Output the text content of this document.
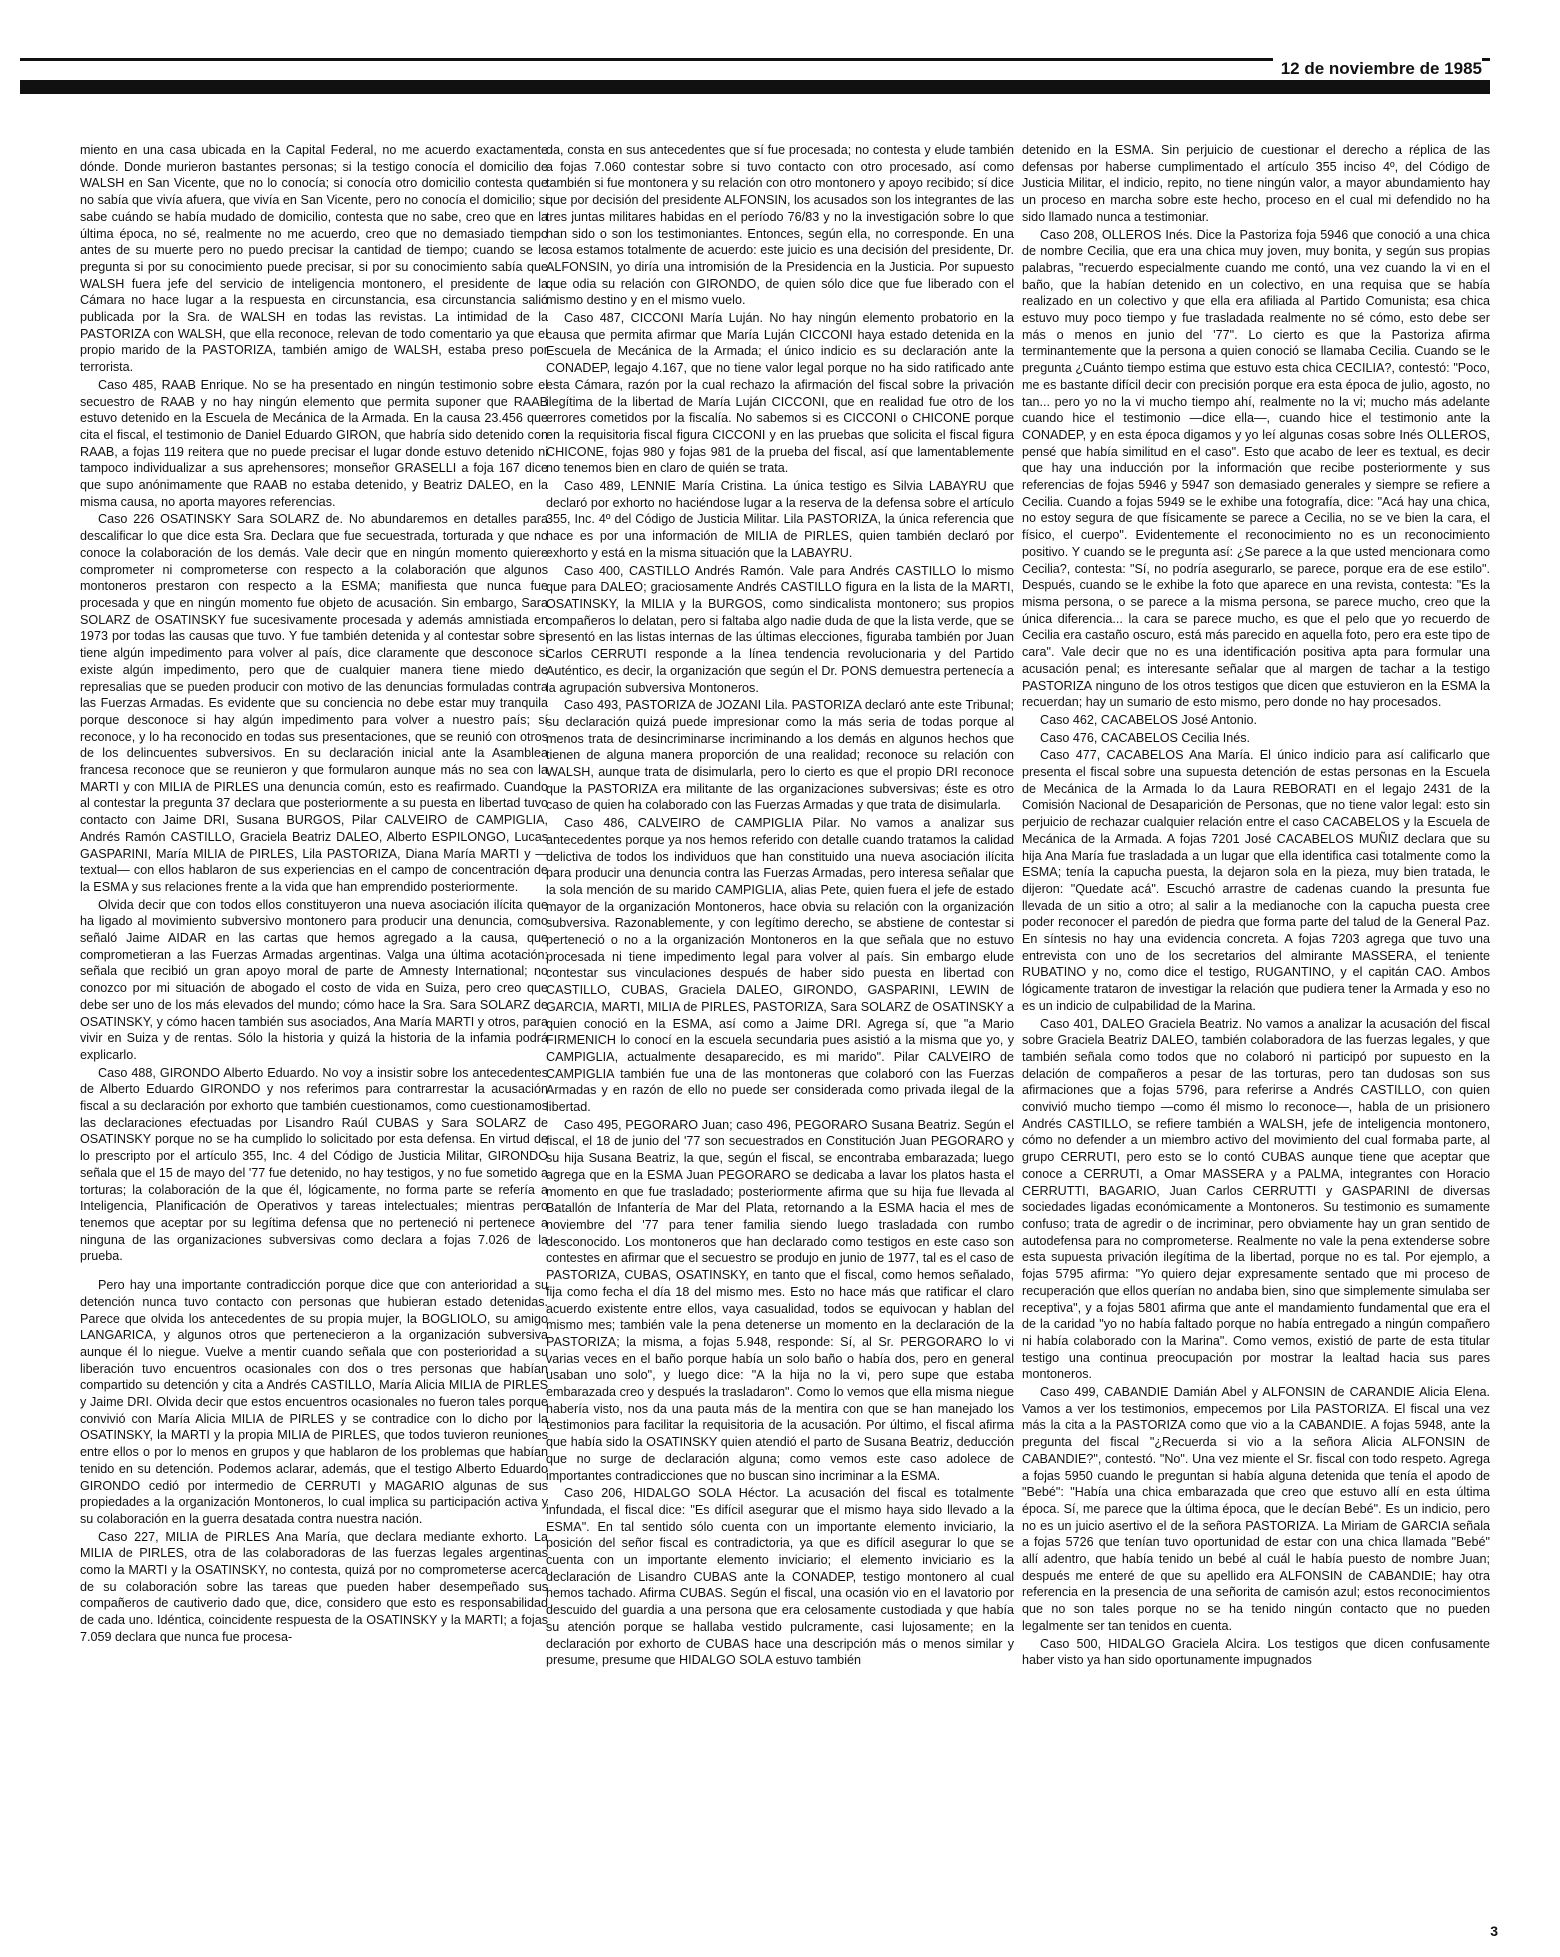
12 de noviembre de 1985

miento en una casa ubicada en la Capital Federal, no me acuerdo exactamente dónde. Donde murieron bastantes personas; si la testigo conocía el domicilio de WALSH en San Vicente, que no lo conocía; si conocía otro domicilio contesta que no sabía que vivía afuera, que vivía en San Vicente, pero no conocía el domicilio; si sabe cuándo se había mudado de domicilio, contesta que no sabe, creo que en la última época, no sé, realmente no me acuerdo, creo que no demasiado tiempo antes de su muerte pero no puedo precisar la cantidad de tiempo; cuando se le pregunta si por su conocimiento puede precisar, si por su conocimiento sabía que WALSH fuera jefe del servicio de inteligencia montonero, el presidente de la Cámara no hace lugar a la respuesta en circunstancia, esa circunstancia salió publicada por la Sra. de WALSH en todas las revistas. La intimidad de la PASTORIZA con WALSH, que ella reconoce, relevan de todo comentario ya que el propio marido de la PASTORIZA, también amigo de WALSH, estaba preso por terrorista.

Caso 485, RAAB Enrique. No se ha presentado en ningún testimonio sobre el secuestro de RAAB y no hay ningún elemento que permita suponer que RAAB estuvo detenido en la Escuela de Mecánica de la Armada. En la causa 23.456 que cita el fiscal, el testimonio de Daniel Eduardo GIRON, que habría sido detenido con RAAB, a fojas 119 reitera que no puede precisar el lugar donde estuvo detenido ni tampoco individualizar a sus aprehensores; monseñor GRASELLI a foja 167 dice que supo anónimamente que RAAB no estaba detenido, y Beatriz DALEO, en la misma causa, no aporta mayores referencias.

Caso 226 OSATINSKY Sara SOLARZ de. No abundaremos en detalles para descalificar lo que dice esta Sra. Declara que fue secuestrada, torturada y que no conoce la colaboración de los demás. Vale decir que en ningún momento quiere comprometer ni comprometerse con respecto a la colaboración que algunos montoneros prestaron con respecto a la ESMA; manifiesta que nunca fue procesada y que en ningún momento fue objeto de acusación. Sin embargo, Sara SOLARZ de OSATINSKY fue sucesivamente procesada y además amnistiada en 1973 por todas las causas que tuvo. Y fue también detenida y al contestar sobre si tiene algún impedimento para volver al país, dice claramente que desconoce si existe algún impedimento, pero que de cualquier manera tiene miedo de represalias que se pueden producir con motivo de las denuncias formuladas contra las Fuerzas Armadas. Es evidente que su conciencia no debe estar muy tranquila porque desconoce si hay algún impedimento para volver a nuestro país; sí reconoce, y lo ha reconocido en todas sus presentaciones, que se reunió con otros de los delincuentes subversivos. En su declaración inicial ante la Asamblea francesa reconoce que se reunieron y que formularon aunque más no sea con la MARTI y con MILIA de PIRLES una denuncia común, esto es reafirmado. Cuando al contestar la pregunta 37 declara que posteriormente a su puesta en libertad tuvo contacto con Jaime DRI, Susana BURGOS, Pilar CALVEIRO de CAMPIGLIA, Andrés Ramón CASTILLO, Graciela Beatriz DALEO, Alberto ESPILONGO, Lucas GASPARINI, María MILIA de PIRLES, Lila PASTORIZA, Diana María MARTI y —textual— con ellos hablaron de sus experiencias en el campo de concentración de la ESMA y sus relaciones frente a la vida que han emprendido posteriormente.

Olvida decir que con todos ellos constituyeron una nueva asociación ilícita que ha ligado al movimiento subversivo montonero para producir una denuncia, como señaló Jaime AIDAR en las cartas que hemos agregado a la causa, que comprometieran a las Fuerzas Armadas argentinas. Valga una última acotación: señala que recibió un gran apoyo moral de parte de Amnesty International; no conozco por mi situación de abogado el costo de vida en Suiza, pero creo que debe ser uno de los más elevados del mundo; cómo hace la Sra. Sara SOLARZ de OSATINSKY, y cómo hacen también sus asociados, Ana María MARTI y otros, para vivir en Suiza y de rentas. Sólo la historia y quizá la historia de la infamia podrá explicarlo.

Caso 488, GIRONDO Alberto Eduardo. No voy a insistir sobre los antecedentes de Alberto Eduardo GIRONDO y nos referimos para contrarrestar la acusación fiscal a su declaración por exhorto que también cuestionamos, como cuestionamos las declaraciones efectuadas por Lisandro Raúl CUBAS y Sara SOLARZ de OSATINSKY porque no se ha cumplido lo solicitado por esta defensa. En virtud de lo prescripto por el artículo 355, Inc. 4 del Código de Justicia Militar, GIRONDO señala que el 15 de mayo del '77 fue detenido, no hay testigos, y no fue sometido a torturas; la colaboración de la que él, lógicamente, no forma parte se refería a Inteligencia, Planificación de Operativos y tareas intelectuales; mientras pero tenemos que aceptar por su legítima defensa que no perteneció ni pertenece a ninguna de las organizaciones subversivas como declara a fojas 7.026 de la prueba.

Pero hay una importante contradicción porque dice que con anterioridad a su detención nunca tuvo contacto con personas que hubieran estado detenidas. Parece que olvida los antecedentes de su propia mujer, la BOGLIOLO, su amigo LANGARICA, y algunos otros que pertenecieron a la organización subversiva aunque él lo niegue. Vuelve a mentir cuando señala que con posterioridad a su liberación tuvo encuentros ocasionales con dos o tres personas que habían compartido su detención y cita a Andrés CASTILLO, María Alicia MILIA de PIRLES y Jaime DRI. Olvida decir que estos encuentros ocasionales no fueron tales porque convivió con María Alicia MILIA de PIRLES y se contradice con lo dicho por la OSATINSKY, la MARTI y la propia MILIA de PIRLES, que todos tuvieron reuniones entre ellos o por lo menos en grupos y que hablaron de los problemas que habían tenido en su detención. Podemos aclarar, además, que el testigo Alberto Eduardo GIRONDO cedió por intermedio de CERRUTI y MAGARIO algunas de sus propiedades a la organización Montoneros, lo cual implica su participación activa y su colaboración en la guerra desatada contra nuestra nación.

Caso 227, MILIA de PIRLES Ana María, que declara mediante exhorto. La MILIA de PIRLES, otra de las colaboradoras de las fuerzas legales argentinas como la MARTI y la OSATINSKY, no contesta, quizá por no comprometerse acerca de su colaboración sobre las tareas que pueden haber desempeñado sus compañeros de cautiverio dado que, dice, considero que esto es responsabilidad de cada uno. Idéntica, coincidente respuesta de la OSATINSKY y la MARTI; a fojas 7.059 declara que nunca fue procesa-

da, consta en sus antecedentes que sí fue procesada; no contesta y elude también a fojas 7.060 contestar sobre si tuvo contacto con otro procesado, así como también si fue montonera y su relación con otro montonero y apoyo recibido; sí dice que por decisión del presidente ALFONSIN, los acusados son los integrantes de las tres juntas militares habidas en el período 76/83 y no la investigación sobre lo que han sido o son los testimoniantes. Entonces, según ella, no corresponde. En una cosa estamos totalmente de acuerdo: este juicio es una decisión del presidente, Dr. ALFONSIN, yo diría una intromisión de la Presidencia en la Justicia. Por supuesto que odia su relación con GIRONDO, de quien sólo dice que fue liberado con el mismo destino y en el mismo vuelo.

Caso 487, CICCONI María Luján. No hay ningún elemento probatorio en la causa que permita afirmar que María Luján CICCONI haya estado detenida en la Escuela de Mecánica de la Armada; el único indicio es su declaración ante la CONADEP, legajo 4.167, que no tiene valor legal porque no ha sido ratificado ante esta Cámara, razón por la cual rechazo la afirmación del fiscal sobre la privación ilegítima de la libertad de María Luján CICCONI, que en realidad fue otro de los errores cometidos por la fiscalía. No sabemos si es CICCONI o CHICONE porque en la requisitoria fiscal figura CICCONI y en las pruebas que solicita el fiscal figura CHICONE, fojas 980 y fojas 981 de la prueba del fiscal, así que lamentablemente no tenemos bien en claro de quién se trata.

Caso 489, LENNIE María Cristina. La única testigo es Silvia LABAYRU que declaró por exhorto no haciéndose lugar a la reserva de la defensa sobre el artículo 355, Inc. 4º del Código de Justicia Militar. Lila PASTORIZA, la única referencia que hace es por una información de MILIA de PIRLES, quien también declaró por exhorto y está en la misma situación que la LABAYRU.

Caso 400, CASTILLO Andrés Ramón. Vale para Andrés CASTILLO lo mismo que para DALEO; graciosamente Andrés CASTILLO figura en la lista de la MARTI, OSATINSKY, la MILIA y la BURGOS, como sindicalista montonero; sus propios compañeros lo delatan, pero si faltaba algo nadie duda de que la lista verde, que se presentó en las listas internas de las últimas elecciones, figuraba también por Juan Carlos CERRUTI responde a la línea tendencia revolucionaria y del Partido Auténtico, es decir, la organización que según el Dr. PONS demuestra pertenecía a la agrupación subversiva Montoneros.

Caso 493, PASTORIZA de JOZANI Lila. PASTORIZA declaró ante este Tribunal; su declaración quizá puede impresionar como la más seria de todas porque al menos trata de desincriminarse incriminando a los demás en algunos hechos que tienen de alguna manera proporción de una realidad; reconoce su relación con WALSH, aunque trata de disimularla, pero lo cierto es que el propio DRI reconoce que la PASTORIZA era militante de las organizaciones subversivas; éste es otro caso de quien ha colaborado con las Fuerzas Armadas y que trata de disimularla.

Caso 486, CALVEIRO de CAMPIGLIA Pilar. No vamos a analizar sus antecedentes porque ya nos hemos referido con detalle cuando tratamos la calidad delictiva de todos los individuos que han constituido una nueva asociación ilícita para producir una denuncia contra las Fuerzas Armadas, pero interesa señalar que la sola mención de su marido CAMPIGLIA, alias Pete, quien fuera el jefe de estado mayor de la organización Montoneros, hace obvia su relación con la organización subversiva. Razonablemente, y con legítimo derecho, se abstiene de contestar si perteneció o no a la organización Montoneros en la que señala que no estuvo procesada ni tiene impedimento legal para volver al país. Sin embargo elude contestar sus vinculaciones después de haber sido puesta en libertad con CASTILLO, CUBAS, Graciela DALEO, GIRONDO, GASPARINI, LEWIN de GARCIA, MARTI, MILIA de PIRLES, PASTORIZA, Sara SOLARZ de OSATINSKY a quien conoció en la ESMA, así como a Jaime DRI. Agrega sí, que "a Mario FIRMENICH lo conocí en la escuela secundaria pues asistió a la misma que yo, y CAMPIGLIA, actualmente desaparecido, es mi marido". Pilar CALVEIRO de CAMPIGLIA también fue una de las montoneras que colaboró con las Fuerzas Armadas y en razón de ello no puede ser considerada como privada ilegal de la libertad.

Caso 495, PEGORARO Juan; caso 496, PEGORARO Susana Beatriz. Según el fiscal, el 18 de junio del '77 son secuestrados en Constitución Juan PEGORARO y su hija Susana Beatriz, la que, según el fiscal, se encontraba embarazada; luego agrega que en la ESMA Juan PEGORARO se dedicaba a lavar los platos hasta el momento en que fue trasladado; posteriormente afirma que su hija fue llevada al Batallón de Infantería de Mar del Plata, retornando a la ESMA hacia el mes de noviembre del '77 para tener familia siendo luego trasladada con rumbo desconocido. Los montoneros que han declarado como testigos en este caso son contestes en afirmar que el secuestro se produjo en junio de 1977, tal es el caso de PASTORIZA, CUBAS, OSATINSKY, en tanto que el fiscal, como hemos señalado, fija como fecha el día 18 del mismo mes. Esto no hace más que ratificar el claro acuerdo existente entre ellos, vaya casualidad, todos se equivocan y hablan del mismo mes; también vale la pena detenerse un momento en la declaración de la PASTORIZA; la misma, a fojas 5.948, responde: Sí, al Sr. PERGORARO lo vi varias veces en el baño porque había un solo baño o había dos, pero en general usaban uno solo", y luego dice: "A la hija no la vi, pero supe que estaba embarazada creo y después la trasladaron". Como lo vemos que ella misma niegue habería visto, nos da una pauta más de la mentira con que se han manejado los testimonios para facilitar la requisitoria de la acusación. Por último, el fiscal afirma que había sido la OSATINSKY quien atendió el parto de Susana Beatriz, deducción que no surge de declaración alguna; como vemos este caso adolece de importantes contradicciones que no buscan sino incriminar a la ESMA.

Caso 206, HIDALGO SOLA Héctor. La acusación del fiscal es totalmente infundada, el fiscal dice: "Es difícil asegurar que el mismo haya sido llevado a la ESMA". En tal sentido sólo cuenta con un importante elemento inviciario, la posición del señor fiscal es contradictoria, ya que es difícil asegurar lo que se cuenta con un importante elemento inviciario; el elemento inviciario es la declaración de Lisandro CUBAS ante la CONADEP, testigo montonero al cual hemos tachado. Afirma CUBAS. Según el fiscal, una ocasión vio en el lavatorio por descuido del guardia a una persona que era celosamente custodiada y que había su atención porque se hallaba vestido pulcramente, casi lujosamente; en la declaración por exhorto de CUBAS hace una descripción más o menos similar y presume, presume que HIDALGO SOLA estuvo también

detenido en la ESMA. Sin perjuicio de cuestionar el derecho a réplica de las defensas por haberse cumplimentado el artículo 355 inciso 4º, del Código de Justicia Militar, el indicio, repito, no tiene ningún valor, a mayor abundamiento hay un proceso en marcha sobre este hecho, proceso en el cual mi defendido no ha sido llamado nunca a testimoniar.

Caso 208, OLLEROS Inés. Dice la Pastoriza foja 5946 que conoció a una chica de nombre Cecilia, que era una chica muy joven, muy bonita, y según sus propias palabras, "recuerdo especialmente cuando me contó, una vez cuando la vi en el baño, que la habían detenido en un colectivo, en una requisa que se había realizado en un colectivo y que ella era afiliada al Partido Comunista; esa chica estuvo muy poco tiempo y fue trasladada realmente no sé cómo, esto debe ser más o menos en junio del '77". Lo cierto es que la Pastoriza afirma terminantemente que la persona a quien conoció se llamaba Cecilia. Cuando se le pregunta ¿Cuánto tiempo estima que estuvo esta chica CECILIA?, contestó: "Poco, me es bastante difícil decir con precisión porque era esta época de julio, agosto, no tan... pero yo no la vi mucho tiempo ahí, realmente no la vi; mucho más adelante cuando hice el testimonio —dice ella—, cuando hice el testimonio ante la CONADEP, y en esta época digamos y yo leí algunas cosas sobre Inés OLLEROS, pensé que había similitud en el caso". Esto que acabo de leer es textual, es decir que hay una inducción por la información que recibe posteriormente y sus referencias de fojas 5946 y 5947 son demasiado generales y siempre se refiere a Cecilia. Cuando a fojas 5949 se le exhibe una fotografía, dice: "Acá hay una chica, no estoy segura de que físicamente se parece a Cecilia, no se ve bien la cara, el físico, el cuerpo". Evidentemente el reconocimiento no es un reconocimiento positivo. Y cuando se le pregunta así: ¿Se parece a la que usted mencionara como Cecilia?, contesta: "Sí, no podría asegurarlo, se parece, porque era de ese estilo". Después, cuando se le exhibe la foto que aparece en una revista, contesta: "Es la misma persona, o se parece a la misma persona, se parece mucho, creo que la única diferencia... la cara se parece mucho, es que el pelo que yo recuerdo de Cecilia era castaño oscuro, está más parecido en aquella foto, pero era este tipo de cara". Vale decir que no es una identificación positiva apta para formular una acusación penal; es interesante señalar que al margen de tachar a la testigo PASTORIZA ninguno de los otros testigos que dicen que estuvieron en la ESMA la recuerdan; hay un sumario de esto mismo, pero donde no hay procesados.

Caso 462, CACABELOS José Antonio.

Caso 476, CACABELOS Cecilia Inés.

Caso 477, CACABELOS Ana María. El único indicio para así calificarlo que presenta el fiscal sobre una supuesta detención de estas personas en la Escuela de Mecánica de la Armada lo da Laura REBORATI en el legajo 2431 de la Comisión Nacional de Desaparición de Personas, que no tiene valor legal: esto sin perjuicio de rechazar cualquier relación entre el caso CACABELOS y la Escuela de Mecánica de la Armada. A fojas 7201 José CACABELOS MUÑIZ declara que su hija Ana María fue trasladada a un lugar que ella identifica casi totalmente como la ESMA; tenía la capucha puesta, la dejaron sola en la pieza, muy bien tratada, le dijeron: "Quedate acá". Escuchó arrastre de cadenas cuando la presunta fue llevada de un sitio a otro; al salir a la medianoche con la capucha puesta cree poder reconocer el paredón de piedra que forma parte del talud de la General Paz. En síntesis no hay una evidencia concreta. A fojas 7203 agrega que tuvo una entrevista con uno de los secretarios del almirante MASSERA, el teniente RUBATINO y no, como dice el testigo, RUGANTINO, y el capitán CAO. Ambos lógicamente trataron de investigar la relación que pudiera tener la Armada y eso no es un indicio de culpabilidad de la Marina.

Caso 401, DALEO Graciela Beatriz. No vamos a analizar la acusación del fiscal sobre Graciela Beatriz DALEO, también colaboradora de las fuerzas legales, y que también señala como todos que no colaboró ni participó por supuesto en la delación de compañeros a pesar de las torturas, pero tan dudosas son sus afirmaciones que a fojas 5796, para referirse a Andrés CASTILLO, con quien convivió mucho tiempo —como él mismo lo reconoce—, habla de un prisionero Andrés CASTILLO, se refiere también a WALSH, jefe de inteligencia montonero, cómo no defender a un miembro activo del movimiento del cual formaba parte, al grupo CERRUTI, pero esto se lo contó CUBAS aunque tiene que aceptar que conoce a CERRUTI, a Omar MASSERA y a PALMA, integrantes con Horacio CERRUTTI, BAGARIO, Juan Carlos CERRUTTI y GASPARINI de diversas sociedades ligadas económicamente a Montoneros. Su testimonio es sumamente confuso; trata de agredir o de incriminar, pero obviamente hay un gran sentido de autodefensa para no comprometerse. Realmente no vale la pena extenderse sobre esta supuesta privación ilegítima de la libertad, porque no es tal. Por ejemplo, a fojas 5795 afirma: "Yo quiero dejar expresamente sentado que mi proceso de recuperación que ellos querían no andaba bien, sino que simplemente simulaba ser receptiva", y a fojas 5801 afirma que ante el mandamiento fundamental que era el de la caridad "yo no había faltado porque no había entregado a ningún compañero ni había colaborado con la Marina". Como vemos, existió de parte de esta titular testigo una continua preocupación por mostrar la lealtad hacia sus pares montoneros.

Caso 499, CABANDIE Damián Abel y ALFONSIN de CARANDIE Alicia Elena. Vamos a ver los testimonios, empecemos por Lila PASTORIZA. El fiscal una vez más la cita a la PASTORIZA como que vio a la CABANDIE. A fojas 5948, ante la pregunta del fiscal "¿Recuerda si vio a la señora Alicia ALFONSIN de CABANDIE?", contestó. "No". Una vez miente el Sr. fiscal con todo respeto. Agrega a fojas 5950 cuando le preguntan si había alguna detenida que tenía el apodo de "Bebé": "Había una chica embarazada que creo que estuvo allí en esta última época. Sí, me parece que la última época, que le decían Bebé". Es un indicio, pero no es un juicio asertivo el de la señora PASTORIZA. La Miriam de GARCIA señala a fojas 5726 que tenían tuvo oportunidad de estar con una chica llamada "Bebé" allí adentro, que había tenido un bebé al cuál le había puesto de nombre Juan; después me enteré de que su apellido era ALFONSIN de CABANDIE; hay otra referencia en la presencia de una señorita de camisón azul; estos reconocimientos que no son tales porque no se ha tenido ningún contacto que no pueden legalmente ser tan tenidos en cuenta.

Caso 500, HIDALGO Graciela Alcira. Los testigos que dicen confusamente haber visto ya han sido oportunamente impugnados

3
